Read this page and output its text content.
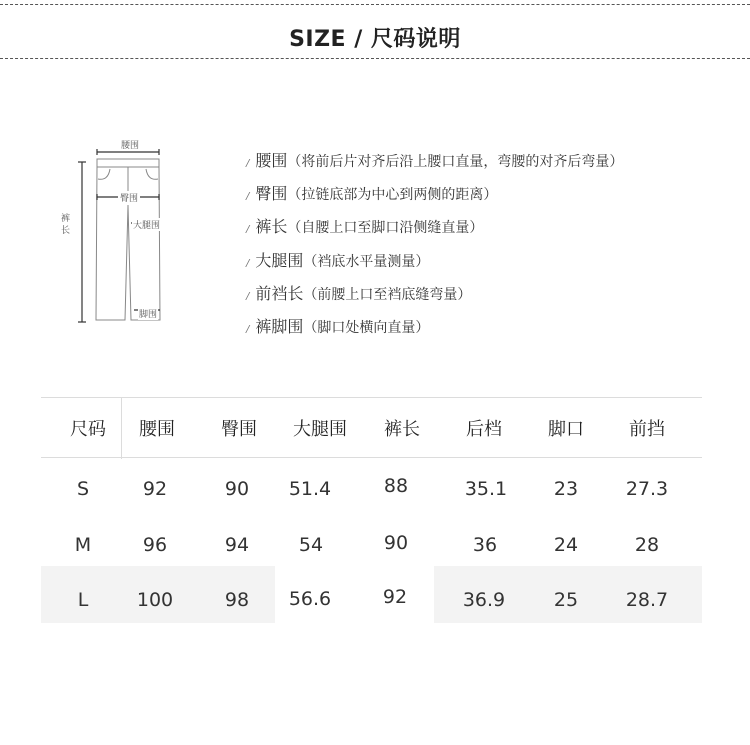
SIZE / 尺码说明
腰围
臀围
大腿围
裤长
脚围
/ 腰围（将前后片对齐后沿上腰口直量，弯腰的对齐后弯量）
/ 臀围（拉链底部为中心到两侧的距离）
/ 裤长（自腰上口至脚口沿侧缝直量）
/ 大腿围（裆底水平量测量）
/ 前裆长（前腰上口至裆底缝弯量）
/ 裤脚围（脚口处横向直量）
尺码 腰围	臀围 大腿围 裤长	后档	脚口	前挡
S	92	90 51.4	88	35.1 23	27.3
M	96	94	54	90	36	24	28
L	100	98 56.6	92	36.9	25	28.7
